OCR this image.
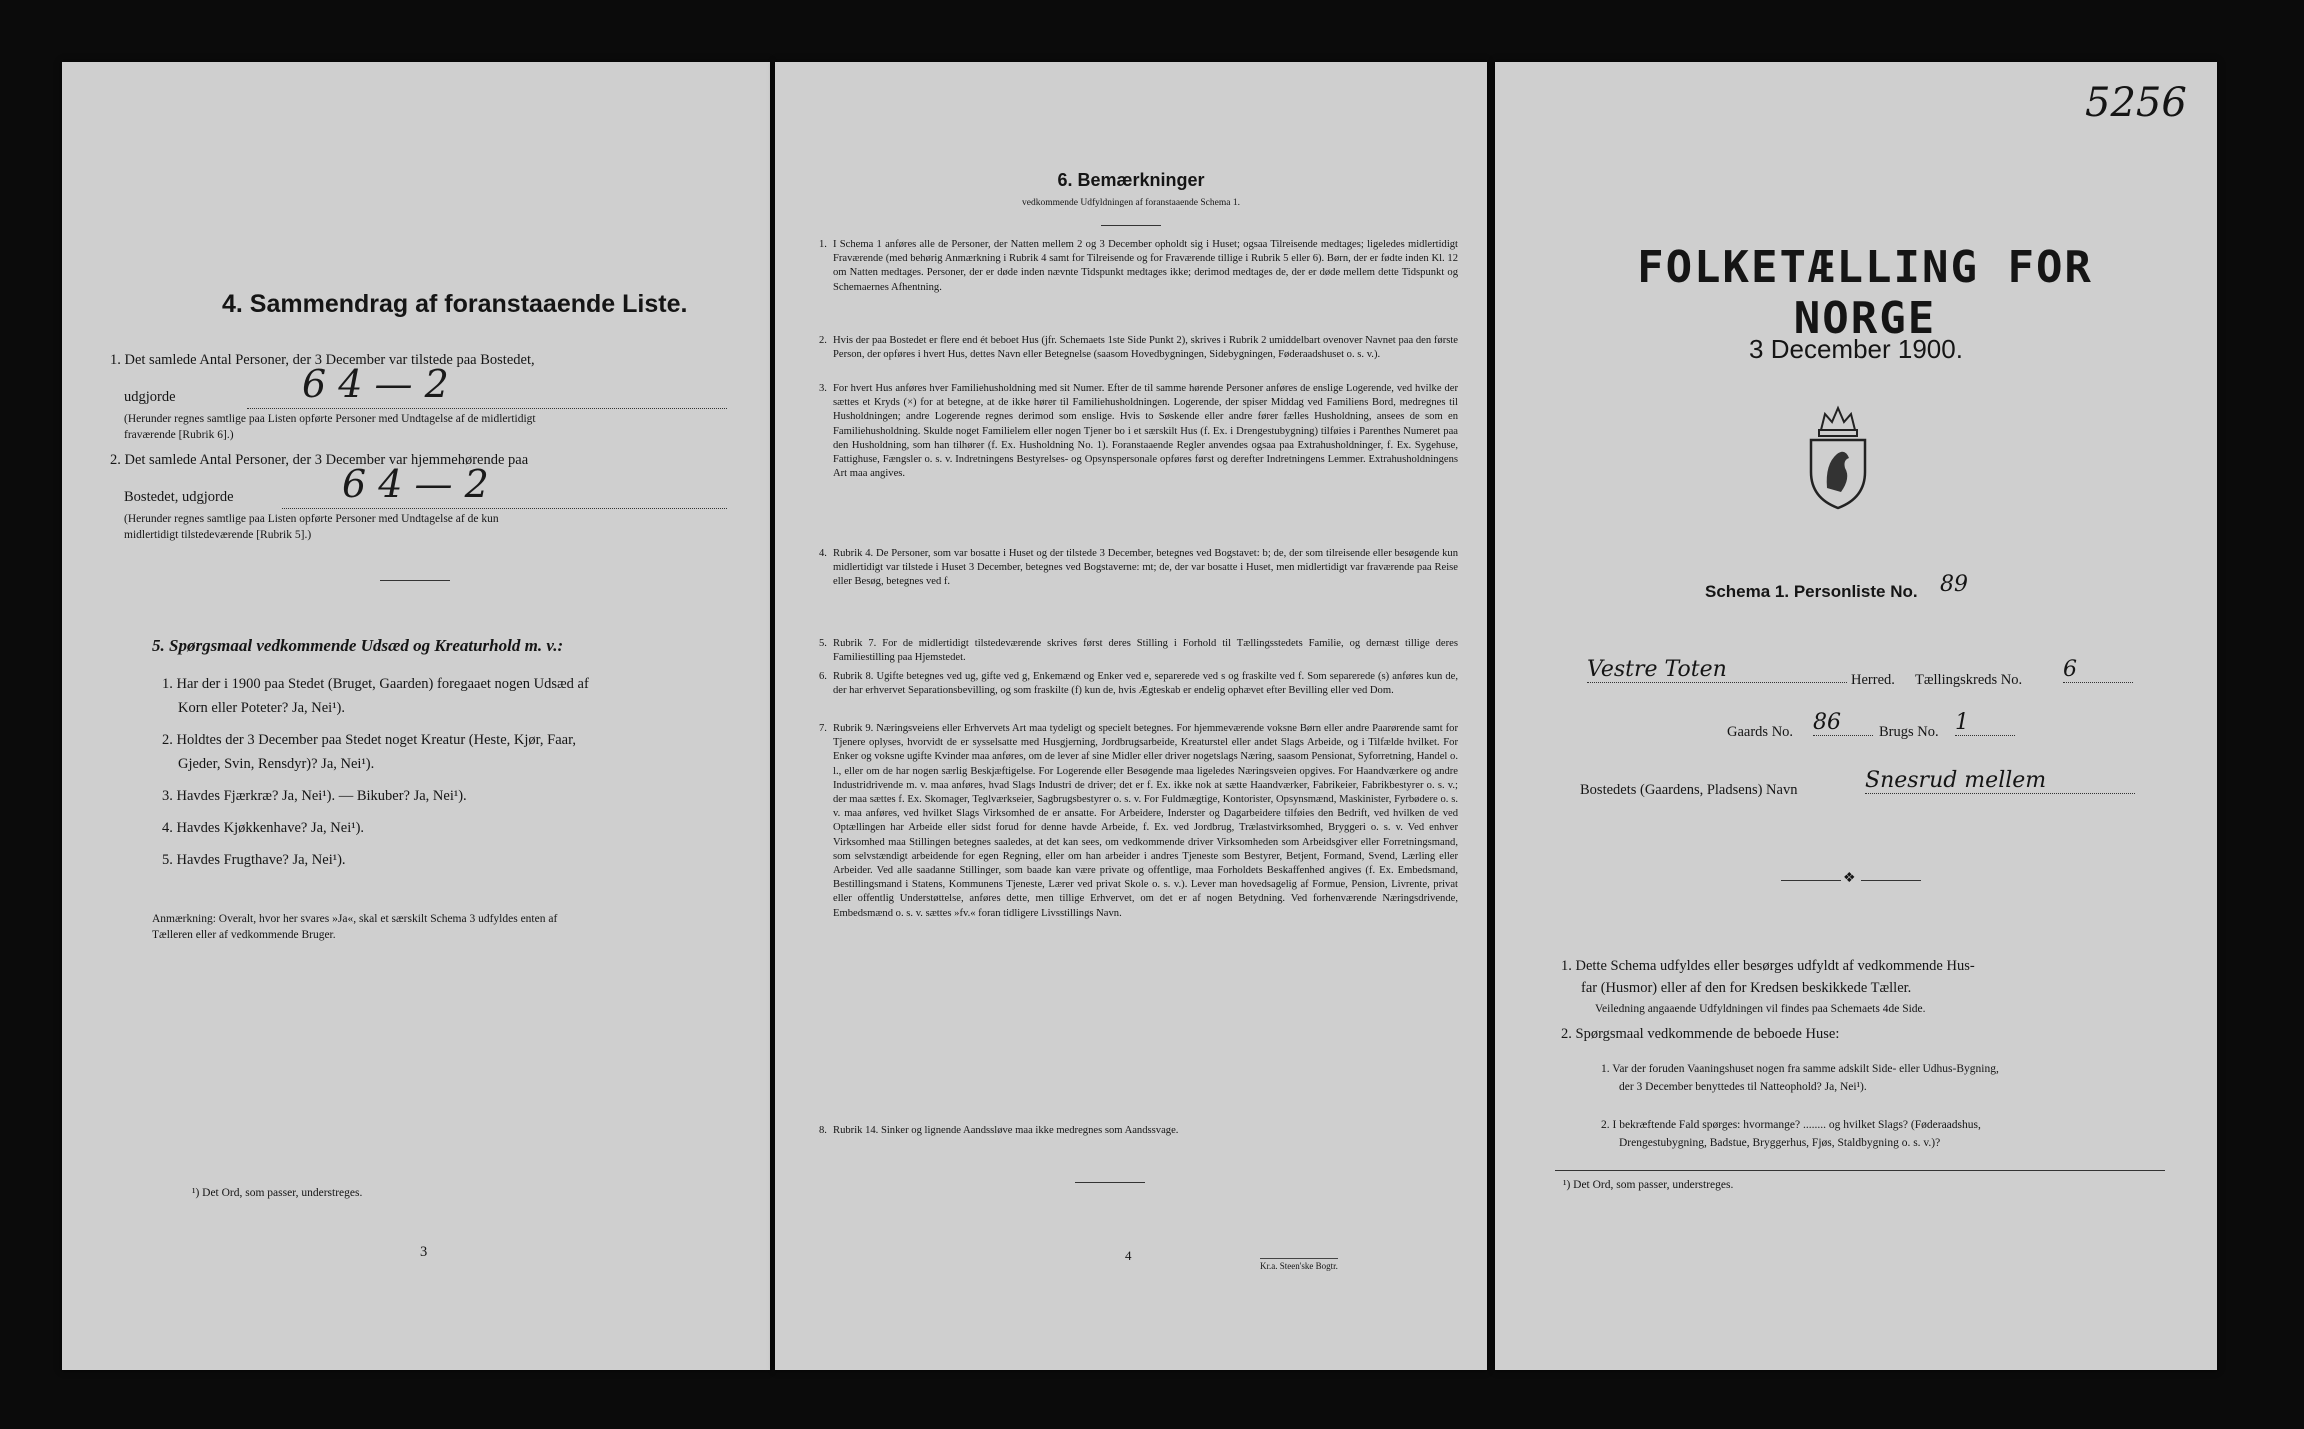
4. Sammendrag af foranstaaende Liste.
1. Det samlede Antal Personer, der 3 December var tilstede paa Bostedet,
udgjorde	6 4 — 2
(Herunder regnes samtlige paa Listen opførte Personer med Undtagelse af de midlertidigt
fraværende [Rubrik 6].)
2. Det samlede Antal Personer, der 3 December var hjemmehørende paa
Bostedet, udgjorde	6 4 — 2
(Herunder regnes samtlige paa Listen opførte Personer med Undtagelse af de kun
midlertidigt tilstedeværende [Rubrik 5].)
5. Spørgsmaal vedkommende Udsæd og Kreaturhold m. v.:
1. Har der i 1900 paa Stedet (Bruget, Gaarden) foregaaet nogen Udsæd af
Korn eller Poteter? Ja, Nei¹).
2. Holdtes der 3 December paa Stedet noget Kreatur (Heste, Kjør, Faar,
Gjeder, Svin, Rensdyr)? Ja, Nei¹).
3. Havdes Fjærkræ? Ja, Nei¹). — Bikuber? Ja, Nei¹).
4. Havdes Kjøkkenhave? Ja, Nei¹).
5. Havdes Frugthave? Ja, Nei¹).
Anmærkning: Overalt, hvor her svares »Ja«, skal et særskilt Schema 3 udfyldes enten af
Tælleren eller af vedkommende Bruger.
¹) Det Ord, som passer, understreges.
3
6. Bemærkninger
vedkommende Udfyldningen af foranstaaende Schema 1.
1. I Schema 1 anføres alle de Personer, der Natten mellem 2 og 3 December opholdt sig i Huset; ogsaa Tilreisende medtages; ligeledes midlertidigt Fraværende (med behørig Anmærkning i Rubrik 4 samt for Tilreisende og for Fraværende tillige i Rubrik 5 eller 6). Børn, der er fødte inden Kl. 12 om Natten medtages. Personer, der er døde inden nævnte Tidspunkt medtages ikke; derimod medtages de, der er døde mellem dette Tidspunkt og Schemaernes Afhentning.
2. Hvis der paa Bostedet er flere end ét beboet Hus (jfr. Schemaets 1ste Side Punkt 2), skrives i Rubrik 2 umiddelbart ovenover Navnet paa den første Person, der opføres i hvert Hus, dettes Navn eller Betegnelse (saasom Hovedbygningen, Sidebygningen, Føderaadshuset o. s. v.).
3. For hvert Hus anføres hver Familiehusholdning med sit Numer. Efter de til samme hørende Personer anføres de enslige Logerende, ved hvilke der sættes et Kryds (×) for at betegne, at de ikke hører til Familiehusholdningen. Logerende, der spiser Middag ved Familiens Bord, medregnes til Husholdningen; andre Logerende regnes derimod som enslige. Hvis to Søskende eller andre fører fælles Husholdning, ansees de som en Familiehusholdning. Skulde noget Familielem eller nogen Tjener bo i et særskilt Hus (f. Ex. i Drengestubygning) tilføies i Parenthes Numeret paa den Husholdning, som han tilhører (f. Ex. Husholdning No. 1). Foranstaaende Regler anvendes ogsaa paa Extrahusholdninger, f. Ex. Sygehuse, Fattighuse, Fængsler o. s. v. Indretningens Bestyrelses- og Opsynspersonale opføres først og derefter Indretningens Lemmer. Extrahusholdningens Art maa angives.
4. Rubrik 4. De Personer, som var bosatte i Huset og der tilstede 3 December, betegnes ved Bogstavet: b; de, der som tilreisende eller besøgende kun midlertidigt var tilstede i Huset 3 December, betegnes ved Bogstaverne: mt; de, der var bosatte i Huset, men midlertidigt var fraværende paa Reise eller Besøg, betegnes ved f.
5. Rubrik 7. For de midlertidigt tilstedeværende skrives først deres Stilling i Forhold til Tællingsstedets Familie, og dernæst tillige deres Familiestilling paa Hjemstedet.
6. Rubrik 8. Ugifte betegnes ved ug, gifte ved g, Enkemænd og Enker ved e, separerede ved s og fraskilte ved f. Som separerede (s) anføres kun de, der har erhvervet Separationsbevilling, og som fraskilte (f) kun de, hvis Ægteskab er endelig ophævet efter Bevilling eller ved Dom.
7. Rubrik 9. Næringsveiens eller Erhvervets Art maa tydeligt og specielt betegnes. For hjemmeværende voksne Børn eller andre Paarørende samt for Tjenere oplyses, hvorvidt de er sysselsatte med Husgjerning, Jordbrugsarbeide, Kreaturstel eller andet Slags Arbeide, og i Tilfælde hvilket. For Enker og voksne ugifte Kvinder maa anføres, om de lever af sine Midler eller driver nogetslags Næring, saasom Pensionat, Syforretning, Handel o. l., eller om de har nogen særlig Beskjæftigelse. For Logerende eller Besøgende maa ligeledes Næringsveien opgives. For Haandværkere og andre Industridrivende m. v. maa anføres, hvad Slags Industri de driver; det er f. Ex. ikke nok at sætte Haandværker, Fabrikeier, Fabrikbestyrer o. s. v.; der maa sættes f. Ex. Skomager, Teglværkseier, Sagbrugsbestyrer o. s. v. For Fuldmægtige, Kontorister, Opsynsmænd, Maskinister, Fyrbødere o. s. v. maa anføres, ved hvilket Slags Virksomhed de er ansatte. For Arbeidere, Inderster og Dagarbeidere tilføies den Bedrift, ved hvilken de ved Optællingen har Arbeide eller sidst forud for denne havde Arbeide, f. Ex. ved Jordbrug, Trælastvirksomhed, Bryggeri o. s. v. Ved enhver Virksomhed maa Stillingen betegnes saaledes, at det kan sees, om vedkommende driver Virksomheden som Arbeidsgiver eller Forretningsmand, som selvstændigt arbeidende for egen Regning, eller om han arbeider i andres Tjeneste som Bestyrer, Betjent, Formand, Svend, Lærling eller Arbeider. Ved alle saadanne Stillinger, som baade kan være private og offentlige, maa Forholdets Beskaffenhed angives (f. Ex. Embedsmand, Bestillingsmand i Statens, Kommunens Tjeneste, Lærer ved privat Skole o. s. v.). Lever man hovedsagelig af Formue, Pension, Livrente, privat eller offentlig Understøttelse, anføres dette, men tillige Erhvervet, om det er af nogen Betydning. Ved forhenværende Næringsdrivende, Embedsmænd o. s. v. sættes »fv.« foran tidligere Livsstillings Navn.
8. Rubrik 14. Sinker og lignende Aandssløve maa ikke medregnes som Aandssvage.
4
Kr.a. Steen'ske Bogtr.
5256
FOLKETÆLLING FOR NORGE
3 December 1900.
Schema 1. Personliste No. 89
Vestre Toten	Herred. Tællingskreds No. 6
Gaards No. 86	Brugs No. 1
Bostedets (Gaardens, Pladsens) Navn	Snesrud mellem
❖
1. Dette Schema udfyldes eller besørges udfyldt af vedkommende Hus-
far (Husmor) eller af den for Kredsen beskikkede Tæller.
Veiledning angaaende Udfyldningen vil findes paa Schemaets 4de Side.
2. Spørgsmaal vedkommende de beboede Huse:
1. Var der foruden Vaaningshuset nogen fra samme adskilt Side- eller Udhus-Bygning,
der 3 December benyttedes til Natteophold? Ja, Nei¹).
2. I bekræftende Fald spørges: hvormange? ........ og hvilket Slags? (Føderaadshus,
Drengestubygning, Badstue, Bryggerhus, Fjøs, Staldbygning o. s. v.)?
¹) Det Ord, som passer, understreges.
